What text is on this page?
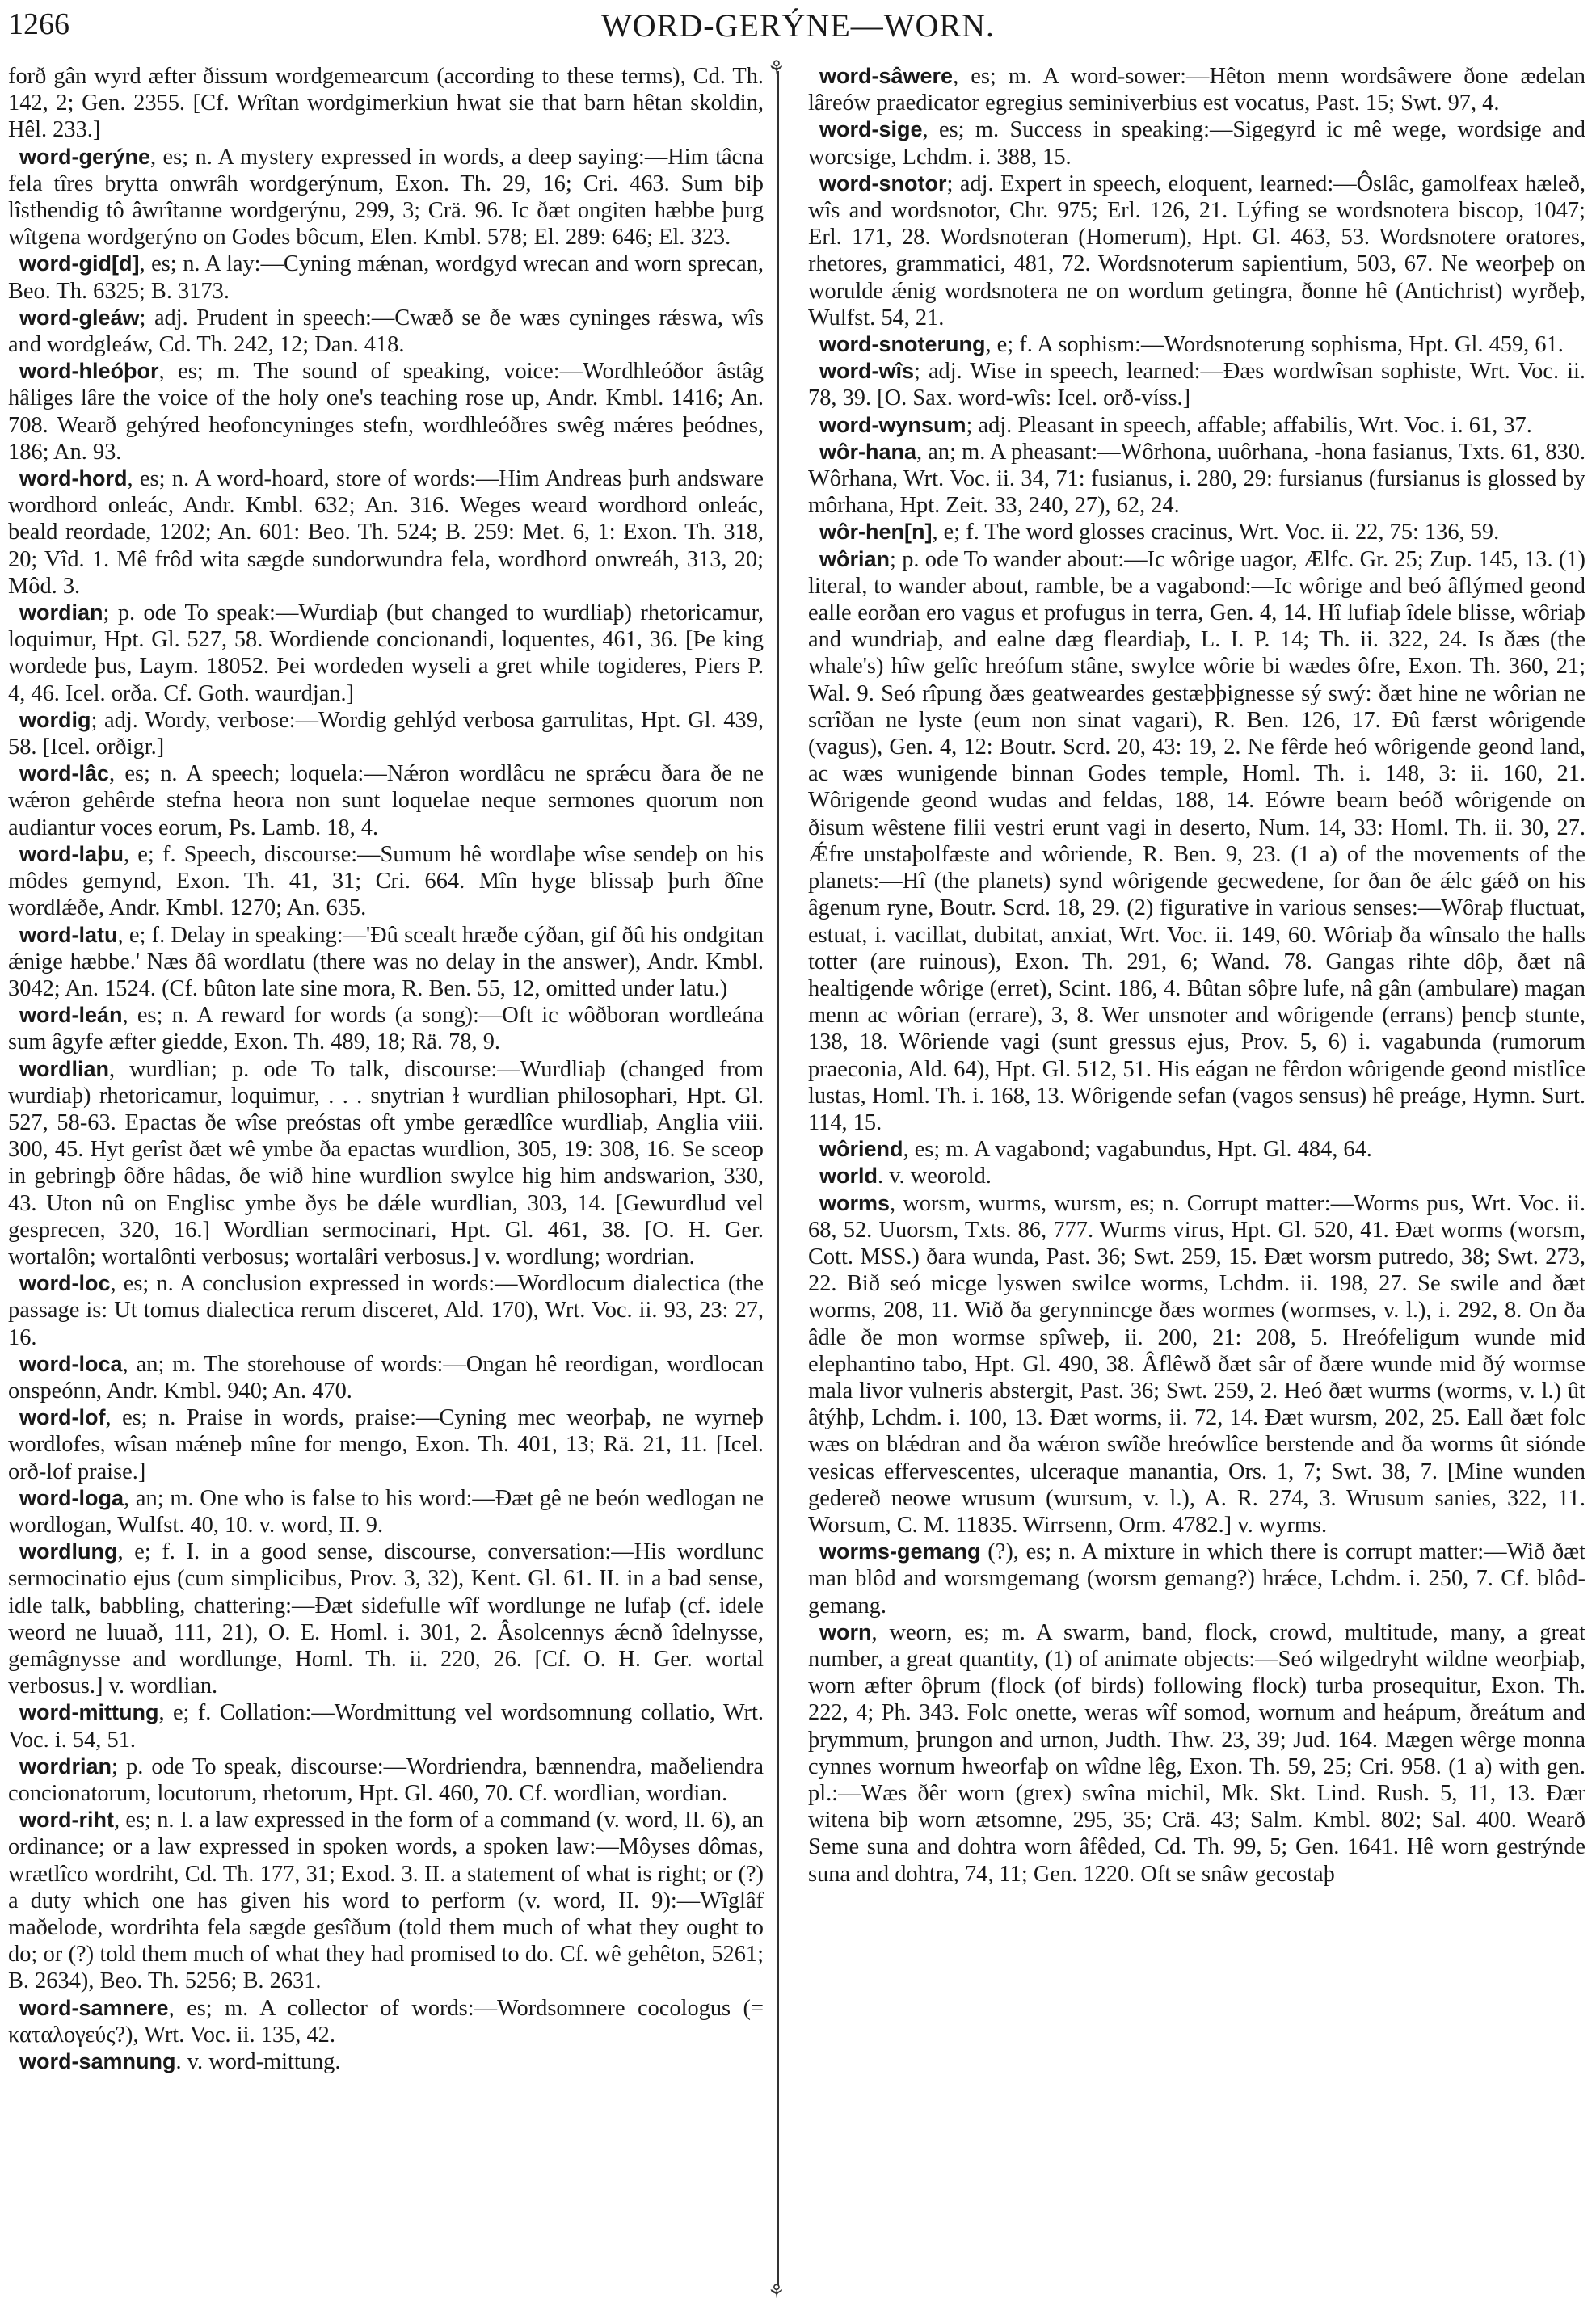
1266	WORD-GERÝNE—WORN.
⚘
⚘

forð gân wyrd æfter ðissum wordgemearcum (according to these terms), Cd. Th. 142, 2; Gen. 2355. [Cf. Wrîtan wordgimerkiun hwat sie that barn hêtan skoldin, Hêl. 233.]

word-gerýne, es; n. A mystery expressed in words, a deep saying:—Him tâcna fela tîres brytta onwrâh wordgerýnum, Exon. Th. 29, 16; Cri. 463. Sum biþ lîsthendig tô âwrîtanne wordgerýnu, 299, 3; Crä. 96. Ic ðæt ongiten hæbbe þurg wîtgena wordgerýno on Godes bôcum, Elen. Kmbl. 578; El. 289: 646; El. 323.

word-gid[d], es; n. A lay:—Cyning mǽnan, wordgyd wrecan and worn sprecan, Beo. Th. 6325; B. 3173.

word-gleáw; adj. Prudent in speech:—Cwæð se ðe wæs cyninges rǽswa, wîs and wordgleáw, Cd. Th. 242, 12; Dan. 418.

word-hleóþor, es; m. The sound of speaking, voice:—Wordhleóðor âstâg hâliges lâre the voice of the holy one's teaching rose up, Andr. Kmbl. 1416; An. 708. Wearð gehýred heofoncyninges stefn, wordhleóðres swêg mǽres þeódnes, 186; An. 93.

word-hord, es; n. A word-hoard, store of words:—Him Andreas þurh andsware wordhord onleác, Andr. Kmbl. 632; An. 316. Weges weard wordhord onleác, beald reordade, 1202; An. 601: Beo. Th. 524; B. 259: Met. 6, 1: Exon. Th. 318, 20; Vîd. 1. Mê frôd wita sægde sundorwundra fela, wordhord onwreáh, 313, 20; Môd. 3.

wordian; p. ode To speak:—Wurdiaþ (but changed to wurdliaþ) rhetoricamur, loquimur, Hpt. Gl. 527, 58. Wordiende concionandi, loquentes, 461, 36. [Þe king wordede þus, Laym. 18052. Þei wordeden wyseli a gret while togideres, Piers P. 4, 46. Icel. orða. Cf. Goth. waurdjan.]

wordig; adj. Wordy, verbose:—Wordig gehlýd verbosa garrulitas, Hpt. Gl. 439, 58. [Icel. orðigr.]

word-lâc, es; n. A speech; loquela:—Nǽron wordlâcu ne sprǽcu ðara ðe ne wǽron gehêrde stefna heora non sunt loquelae neque sermones quorum non audiantur voces eorum, Ps. Lamb. 18, 4.

word-laþu, e; f. Speech, discourse:—Sumum hê wordlaþe wîse sendeþ on his môdes gemynd, Exon. Th. 41, 31; Cri. 664. Mîn hyge blissaþ þurh ðîne wordlǽðe, Andr. Kmbl. 1270; An. 635.

word-latu, e; f. Delay in speaking:—'Ðû scealt hræðe cýðan, gif ðû his ondgitan ǽnige hæbbe.' Næs ðâ wordlatu (there was no delay in the answer), Andr. Kmbl. 3042; An. 1524. (Cf. bûton late sine mora, R. Ben. 55, 12, omitted under latu.)

word-leán, es; n. A reward for words (a song):—Oft ic wôðboran wordleána sum âgyfe æfter giedde, Exon. Th. 489, 18; Rä. 78, 9.

wordlian, wurdlian; p. ode To talk, discourse:—Wurdliaþ (changed from wurdiaþ) rhetoricamur, loquimur, . . . snytrian ɫ wurdlian philosophari, Hpt. Gl. 527, 58-63. Epactas ðe wîse preóstas oft ymbe gerædlîce wurdliaþ, Anglia viii. 300, 45. Hyt gerîst ðæt wê ymbe ða epactas wurdlion, 305, 19: 308, 16. Se sceop in gebringþ ôðre hâdas, ðe wið hine wurdlion swylce hig him andswarion, 330, 43. Uton nû on Englisc ymbe ðys be dǽle wurdlian, 303, 14. [Gewurdlud vel gesprecen, 320, 16.] Wordlian sermocinari, Hpt. Gl. 461, 38. [O. H. Ger. wortalôn; wortalônti verbosus; wortalâri verbosus.] v. wordlung; wordrian.

word-loc, es; n. A conclusion expressed in words:—Wordlocum dialectica (the passage is: Ut tomus dialectica rerum disceret, Ald. 170), Wrt. Voc. ii. 93, 23: 27, 16.

word-loca, an; m. The storehouse of words:—Ongan hê reordigan, wordlocan onspeónn, Andr. Kmbl. 940; An. 470.

word-lof, es; n. Praise in words, praise:—Cyning mec weorþaþ, ne wyrneþ wordlofes, wîsan mǽneþ mîne for mengo, Exon. Th. 401, 13; Rä. 21, 11. [Icel. orð-lof praise.]

word-loga, an; m. One who is false to his word:—Ðæt gê ne beón wedlogan ne wordlogan, Wulfst. 40, 10. v. word, II. 9.

wordlung, e; f. I. in a good sense, discourse, conversation:—His wordlunc sermocinatio ejus (cum simplicibus, Prov. 3, 32), Kent. Gl. 61. II. in a bad sense, idle talk, babbling, chattering:—Ðæt sidefulle wîf wordlunge ne lufaþ (cf. idele weord ne luuað, 111, 21), O. E. Homl. i. 301, 2. Âsolcennys ǽcnð îdelnysse, gemâgnysse and wordlunge, Homl. Th. ii. 220, 26. [Cf. O. H. Ger. wortal verbosus.] v. wordlian.

word-mittung, e; f. Collation:—Wordmittung vel wordsomnung collatio, Wrt. Voc. i. 54, 51.

wordrian; p. ode To speak, discourse:—Wordriendra, bænnendra, maðeliendra concionatorum, locutorum, rhetorum, Hpt. Gl. 460, 70. Cf. wordlian, wordian.

word-riht, es; n. I. a law expressed in the form of a command (v. word, II. 6), an ordinance; or a law expressed in spoken words, a spoken law:—Môyses dômas, wrætlîco wordriht, Cd. Th. 177, 31; Exod. 3. II. a statement of what is right; or (?) a duty which one has given his word to perform (v. word, II. 9):—Wîglâf maðelode, wordrihta fela sægde gesîðum (told them much of what they ought to do; or (?) told them much of what they had promised to do. Cf. wê gehêton, 5261; B. 2634), Beo. Th. 5256; B. 2631.

word-samnere, es; m. A collector of words:—Wordsomnere cocologus (= καταλογεύς?), Wrt. Voc. ii. 135, 42.

word-samnung. v. word-mittung.

word-sâwere, es; m. A word-sower:—Hêton menn wordsâwere ðone ædelan lâreów praedicator egregius seminiverbius est vocatus, Past. 15; Swt. 97, 4.

word-sige, es; m. Success in speaking:—Sigegyrd ic mê wege, wordsige and worcsige, Lchdm. i. 388, 15.

word-snotor; adj. Expert in speech, eloquent, learned:—Ôslâc, gamolfeax hæleð, wîs and wordsnotor, Chr. 975; Erl. 126, 21. Lýfing se wordsnotera biscop, 1047; Erl. 171, 28. Wordsnoteran (Homerum), Hpt. Gl. 463, 53. Wordsnotere oratores, rhetores, grammatici, 481, 72. Wordsnoterum sapientium, 503, 67. Ne weorþeþ on worulde ǽnig wordsnotera ne on wordum getingra, ðonne hê (Antichrist) wyrðeþ, Wulfst. 54, 21.

word-snoterung, e; f. A sophism:—Wordsnoterung sophisma, Hpt. Gl. 459, 61.

word-wîs; adj. Wise in speech, learned:—Ðæs wordwîsan sophiste, Wrt. Voc. ii. 78, 39. [O. Sax. word-wîs: Icel. orð-víss.]

word-wynsum; adj. Pleasant in speech, affable; affabilis, Wrt. Voc. i. 61, 37.

wôr-hana, an; m. A pheasant:—Wôrhona, uuôrhana, -hona fasianus, Txts. 61, 830. Wôrhana, Wrt. Voc. ii. 34, 71: fusianus, i. 280, 29: fursianus (fursianus is glossed by môrhana, Hpt. Zeit. 33, 240, 27), 62, 24.

wôr-hen[n], e; f. The word glosses cracinus, Wrt. Voc. ii. 22, 75: 136, 59.

wôrian; p. ode To wander about:—Ic wôrige uagor, Ælfc. Gr. 25; Zup. 145, 13. (1) literal, to wander about, ramble, be a vagabond:—Ic wôrige and beó âflýmed geond ealle eorðan ero vagus et profugus in terra, Gen. 4, 14. Hî lufiaþ îdele blisse, wôriaþ and wundriaþ, and ealne dæg fleardiaþ, L. I. P. 14; Th. ii. 322, 24. Is ðæs (the whale's) hîw gelîc hreófum stâne, swylce wôrie bi wædes ôfre, Exon. Th. 360, 21; Wal. 9. Seó rîpung ðæs geatweardes gestæþþignesse sý swý: ðæt hine ne wôrian ne scrîðan ne lyste (eum non sinat vagari), R. Ben. 126, 17. Ðû færst wôrigende (vagus), Gen. 4, 12: Boutr. Scrd. 20, 43: 19, 2. Ne fêrde heó wôrigende geond land, ac wæs wunigende binnan Godes temple, Homl. Th. i. 148, 3: ii. 160, 21. Wôrigende geond wudas and feldas, 188, 14. Eówre bearn beóð wôrigende on ðisum wêstene filii vestri erunt vagi in deserto, Num. 14, 33: Homl. Th. ii. 30, 27. Ǽfre unstaþolfæste and wôriende, R. Ben. 9, 23. (1 a) of the movements of the planets:—Hî (the planets) synd wôrigende gecwedene, for ðan ðe ǽlc gǽð on his âgenum ryne, Boutr. Scrd. 18, 29. (2) figurative in various senses:—Wôraþ fluctuat, estuat, i. vacillat, dubitat, anxiat, Wrt. Voc. ii. 149, 60. Wôriaþ ða wînsalo the halls totter (are ruinous), Exon. Th. 291, 6; Wand. 78. Gangas rihte dôþ, ðæt nâ healtigende wôrige (erret), Scint. 186, 4. Bûtan sôþre lufe, nâ gân (ambulare) magan menn ac wôrian (errare), 3, 8. Wer unsnoter and wôrigende (errans) þencþ stunte, 138, 18. Wôriende vagi (sunt gressus ejus, Prov. 5, 6) i. vagabunda (rumorum praeconia, Ald. 64), Hpt. Gl. 512, 51. His eágan ne fêrdon wôrigende geond mistlîce lustas, Homl. Th. i. 168, 13. Wôrigende sefan (vagos sensus) hê preáge, Hymn. Surt. 114, 15.

wôriend, es; m. A vagabond; vagabundus, Hpt. Gl. 484, 64.

world. v. weorold.

worms, worsm, wurms, wursm, es; n. Corrupt matter:—Worms pus, Wrt. Voc. ii. 68, 52. Uuorsm, Txts. 86, 777. Wurms virus, Hpt. Gl. 520, 41. Ðæt worms (worsm, Cott. MSS.) ðara wunda, Past. 36; Swt. 259, 15. Ðæt worsm putredo, 38; Swt. 273, 22. Bið seó micge lyswen swilce worms, Lchdm. ii. 198, 27. Se swile and ðæt worms, 208, 11. Wið ða gerynnincge ðæs wormes (wormses, v. l.), i. 292, 8. On ða âdle ðe mon wormse spîweþ, ii. 200, 21: 208, 5. Hreófeligum wunde mid elephantino tabo, Hpt. Gl. 490, 38. Âflêwð ðæt sâr of ðære wunde mid ðý wormse mala livor vulneris abstergit, Past. 36; Swt. 259, 2. Heó ðæt wurms (worms, v. l.) ût âtýhþ, Lchdm. i. 100, 13. Ðæt worms, ii. 72, 14. Ðæt wursm, 202, 25. Eall ðæt folc wæs on blǽdran and ða wǽron swîðe hreówlîce berstende and ða worms ût siónde vesicas effervescentes, ulceraque manantia, Ors. 1, 7; Swt. 38, 7. [Mine wunden gedereð neowe wrusum (wursum, v. l.), A. R. 274, 3. Wrusum sanies, 322, 11. Worsum, C. M. 11835. Wirrsenn, Orm. 4782.] v. wyrms.

worms-gemang (?), es; n. A mixture in which there is corrupt matter:—Wið ðæt man blôd and worsmgemang (worsm gemang?) hrǽce, Lchdm. i. 250, 7. Cf. blôd-gemang.

worn, weorn, es; m. A swarm, band, flock, crowd, multitude, many, a great number, a great quantity, (1) of animate objects:—Seó wilgedryht wildne weorþiaþ, worn æfter ôþrum (flock (of birds) following flock) turba prosequitur, Exon. Th. 222, 4; Ph. 343. Folc onette, weras wîf somod, wornum and heápum, ðreátum and þrymmum, þrungon and urnon, Judth. Thw. 23, 39; Jud. 164. Mægen wêrge monna cynnes wornum hweorfaþ on wîdne lêg, Exon. Th. 59, 25; Cri. 958. (1 a) with gen. pl.:—Wæs ðêr worn (grex) swîna michil, Mk. Skt. Lind. Rush. 5, 11, 13. Ðær witena biþ worn ætsomne, 295, 35; Crä. 43; Salm. Kmbl. 802; Sal. 400. Wearð Seme suna and dohtra worn âfêded, Cd. Th. 99, 5; Gen. 1641. Hê worn gestrýnde suna and dohtra, 74, 11; Gen. 1220. Oft se snâw gecostaþ
